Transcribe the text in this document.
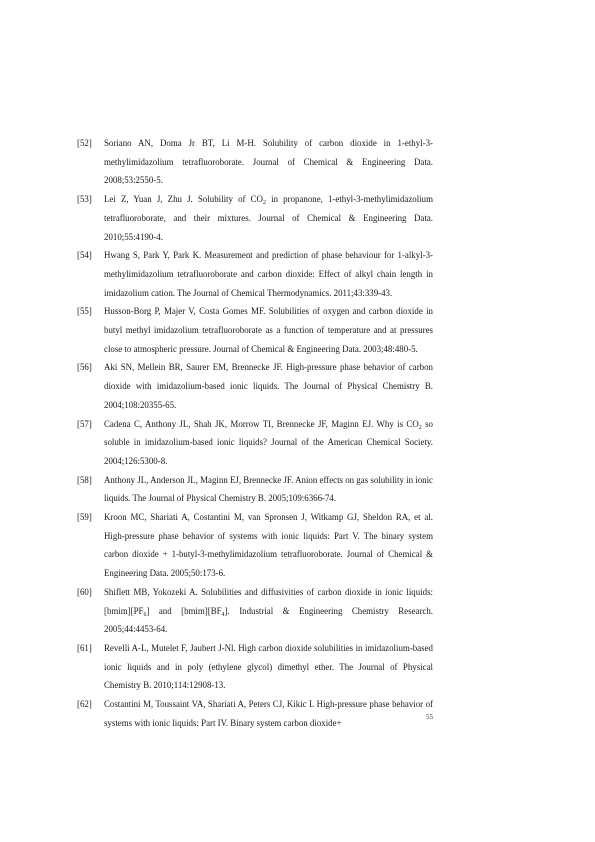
[52]	Soriano AN, Doma Jr BT, Li M-H. Solubility of carbon dioxide in 1-ethyl-3-methylimidazolium tetrafluoroborate. Journal of Chemical & Engineering Data. 2008;53:2550-5.
[53]	Lei Z, Yuan J, Zhu J. Solubility of $CO_2$ in propanone, 1-ethyl-3-methylimidazolium tetrafluoroborate, and their mixtures. Journal of Chemical & Engineering Data. 2010;55:4190-4.
[54]	Hwang S, Park Y, Park K. Measurement and prediction of phase behaviour for 1-alkyl-3-methylimidazolium tetrafluoroborate and carbon dioxide: Effect of alkyl chain length in imidazolium cation. The Journal of Chemical Thermodynamics. 2011;43:339-43.
[55]	Husson-Borg P, Majer V, Costa Gomes MF. Solubilities of oxygen and carbon dioxide in butyl methyl imidazolium tetrafluoroborate as a function of temperature and at pressures close to atmospheric pressure. Journal of Chemical & Engineering Data. 2003;48:480-5.
[56]	Aki SN, Mellein BR, Saurer EM, Brennecke JF. High-pressure phase behavior of carbon dioxide with imidazolium-based ionic liquids. The Journal of Physical Chemistry B. 2004;108:20355-65.
[57]	Cadena C, Anthony JL, Shah JK, Morrow TI, Brennecke JF, Maginn EJ. Why is $CO_2$ so soluble in imidazolium-based ionic liquids? Journal of the American Chemical Society. 2004;126:5300-8.
[58]	Anthony JL, Anderson JL, Maginn EJ, Brennecke JF. Anion effects on gas solubility in ionic liquids. The Journal of Physical Chemistry B. 2005;109:6366-74.
[59]	Kroon MC, Shariati A, Costantini M, van Spronsen J, Witkamp GJ, Sheldon RA, et al. High-pressure phase behavior of systems with ionic liquids: Part V. The binary system carbon dioxide + 1-butyl-3-methylimidazolium tetrafluoroborate. Journal of Chemical & Engineering Data. 2005;50:173-6.
[60]	Shiflett MB, Yokozeki A. Solubilities and diffusivities of carbon dioxide in ionic $liquids:[bmim][PF_6]$ and $[bmim][BF_4]$. Industrial & Engineering Chemistry Research. 2005;44:4453-64.
[61]	Revelli A-L, Mutelet F, Jaubert J-Nl. High carbon dioxide solubilities in imidazolium-based ionic liquids and in poly (ethylene glycol) dimethyl ether. The Journal of Physical Chemistry B. 2010;114:12908-13.
[62]	Costantini M, Toussaint VA, Shariati A, Peters CJ, Kikic I. High-pressure phase behavior of systems with ionic liquids: Part IV. Binary system carbon dioxide+
55
